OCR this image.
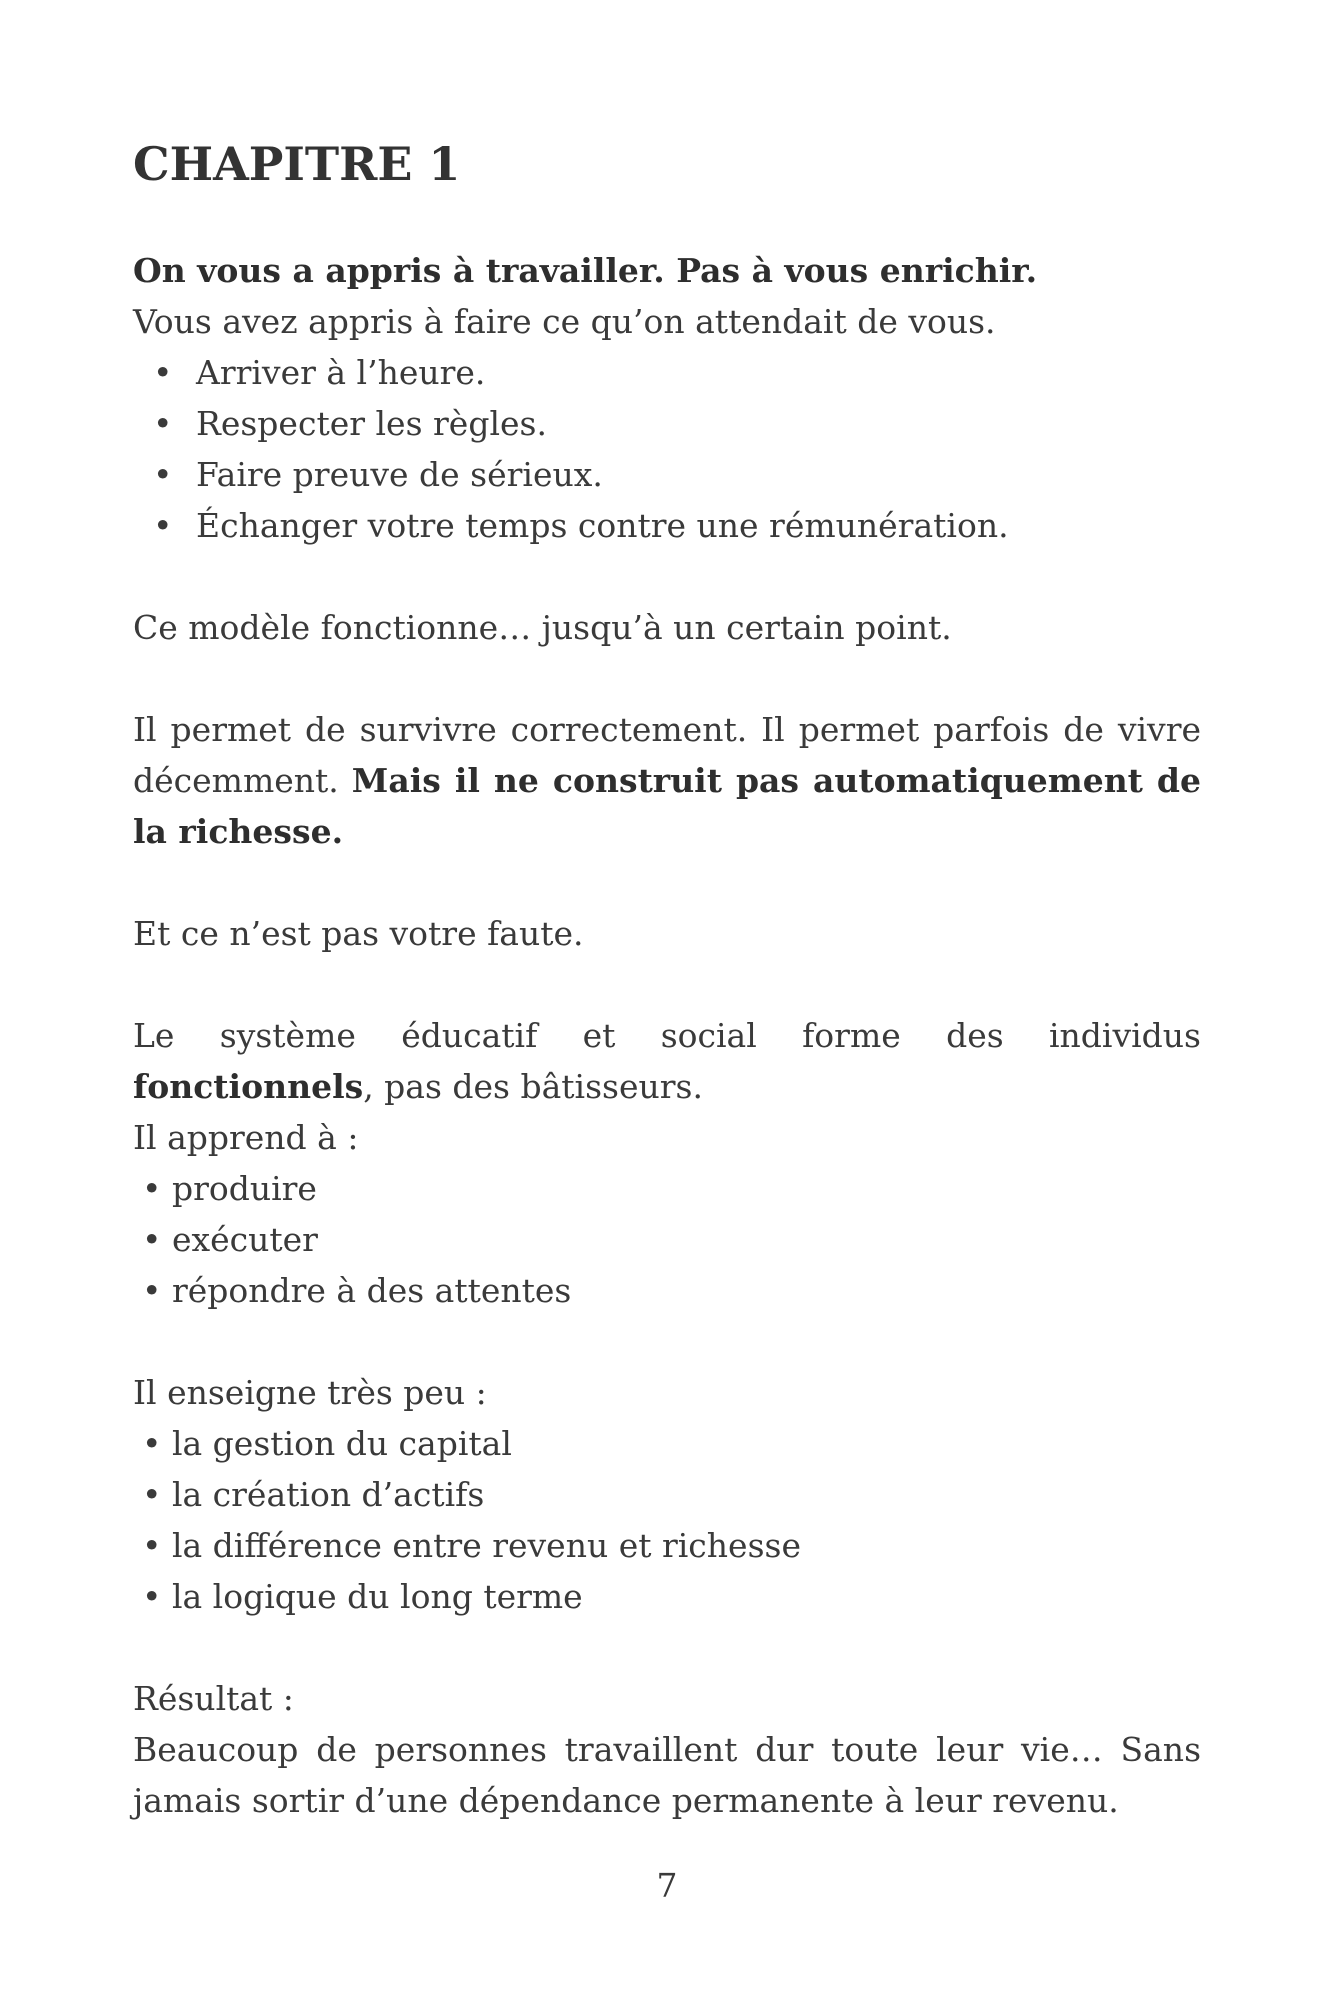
CHAPITRE 1

On vous a appris à travailler. Pas à vous enrichir.

Vous avez appris à faire ce qu’on attendait de vous.

• Arriver à l’heure.
• Respecter les règles.
• Faire preuve de sérieux.
• Échanger votre temps contre une rémunération.

Ce modèle fonctionne… jusqu’à un certain point.

Il permet de survivre correctement. Il permet parfois de vivre décemment. Mais il ne construit pas automatiquement de la richesse.

Et ce n’est pas votre faute.

Le système éducatif et social forme des individus fonctionnels, pas des bâtisseurs.

Il apprend à :

• produire
• exécuter
• répondre à des attentes

Il enseigne très peu :

• la gestion du capital
• la création d’actifs
• la différence entre revenu et richesse
• la logique du long terme

Résultat :

Beaucoup de personnes travaillent dur toute leur vie… Sans jamais sortir d’une dépendance permanente à leur revenu.

7
